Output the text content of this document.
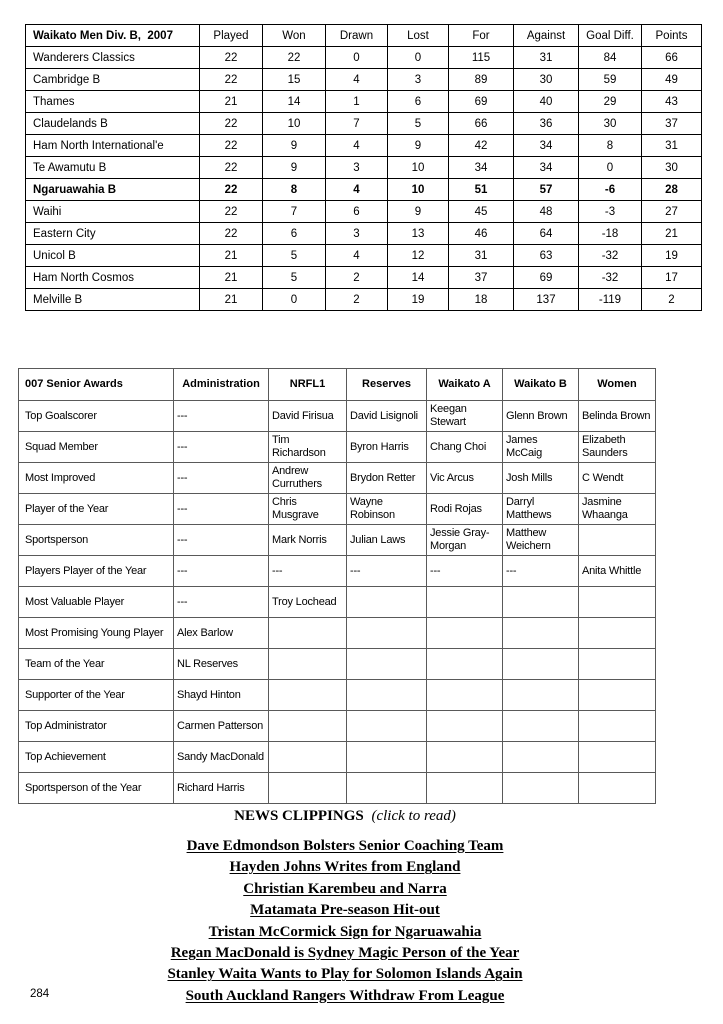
Waikato Men Div. B,  2007	Played	Won	Drawn	Lost	For	Against	Goal Diff.	Points
Wanderers Classics	22	22	0	0	115	31	84	66
Cambridge B	22	15	4	3	89	30	59	49
Thames	21	14	1	6	69	40	29	43
Claudelands B	22	10	7	5	66	36	30	37
Ham North International'e	22	9	4	9	42	34	8	31
Te Awamutu B	22	9	3	10	34	34	0	30
Ngaruawahia B	22	8	4	10	51	57	-6	28
Waihi	22	7	6	9	45	48	-3	27
Eastern City	22	6	3	13	46	64	-18	21
Unicol B	21	5	4	12	31	63	-32	19
Ham North Cosmos	21	5	2	14	37	69	-32	17
Melville B	21	0	2	19	18	137	-119	2
007 Senior Awards	Administration	NRFL1	Reserves	Waikato A	Waikato B	Women
Top Goalscorer	---	David Firisua	David Lisignoli	Keegan Stewart	Glenn Brown	Belinda Brown
Squad Member	---	Tim Richardson	Byron Harris	Chang Choi	James McCaig	Elizabeth Saunders
Most Improved	---	Andrew Curruthers	Brydon Retter	Vic Arcus	Josh Mills	C Wendt
Player of the Year	---	Chris Musgrave	Wayne Robinson	Rodi Rojas	Darryl Matthews	Jasmine Whaanga
Sportsperson	---	Mark Norris	Julian Laws	Jessie Gray-Morgan	Matthew Weichern	
Players Player of the Year	---	---	---	---	---	Anita Whittle
Most Valuable Player	---	Troy Lochead				
Most Promising Young Player	Alex Barlow					
Team of the Year	NL Reserves					
Supporter of the Year	Shayd Hinton					
Top Administrator	Carmen Patterson					
Top Achievement	Sandy MacDonald					
Sportsperson of the Year	Richard Harris					
NEWS CLIPPINGS (click to read)
Dave Edmondson Bolsters Senior Coaching Team
Hayden Johns Writes from England
Christian Karembeu and Narra
Matamata Pre-season Hit-out
Tristan McCormick Sign for Ngaruawahia
Regan MacDonald is Sydney Magic Person of the Year
Stanley Waita Wants to Play for Solomon Islands Again
South Auckland Rangers Withdraw From League
284
